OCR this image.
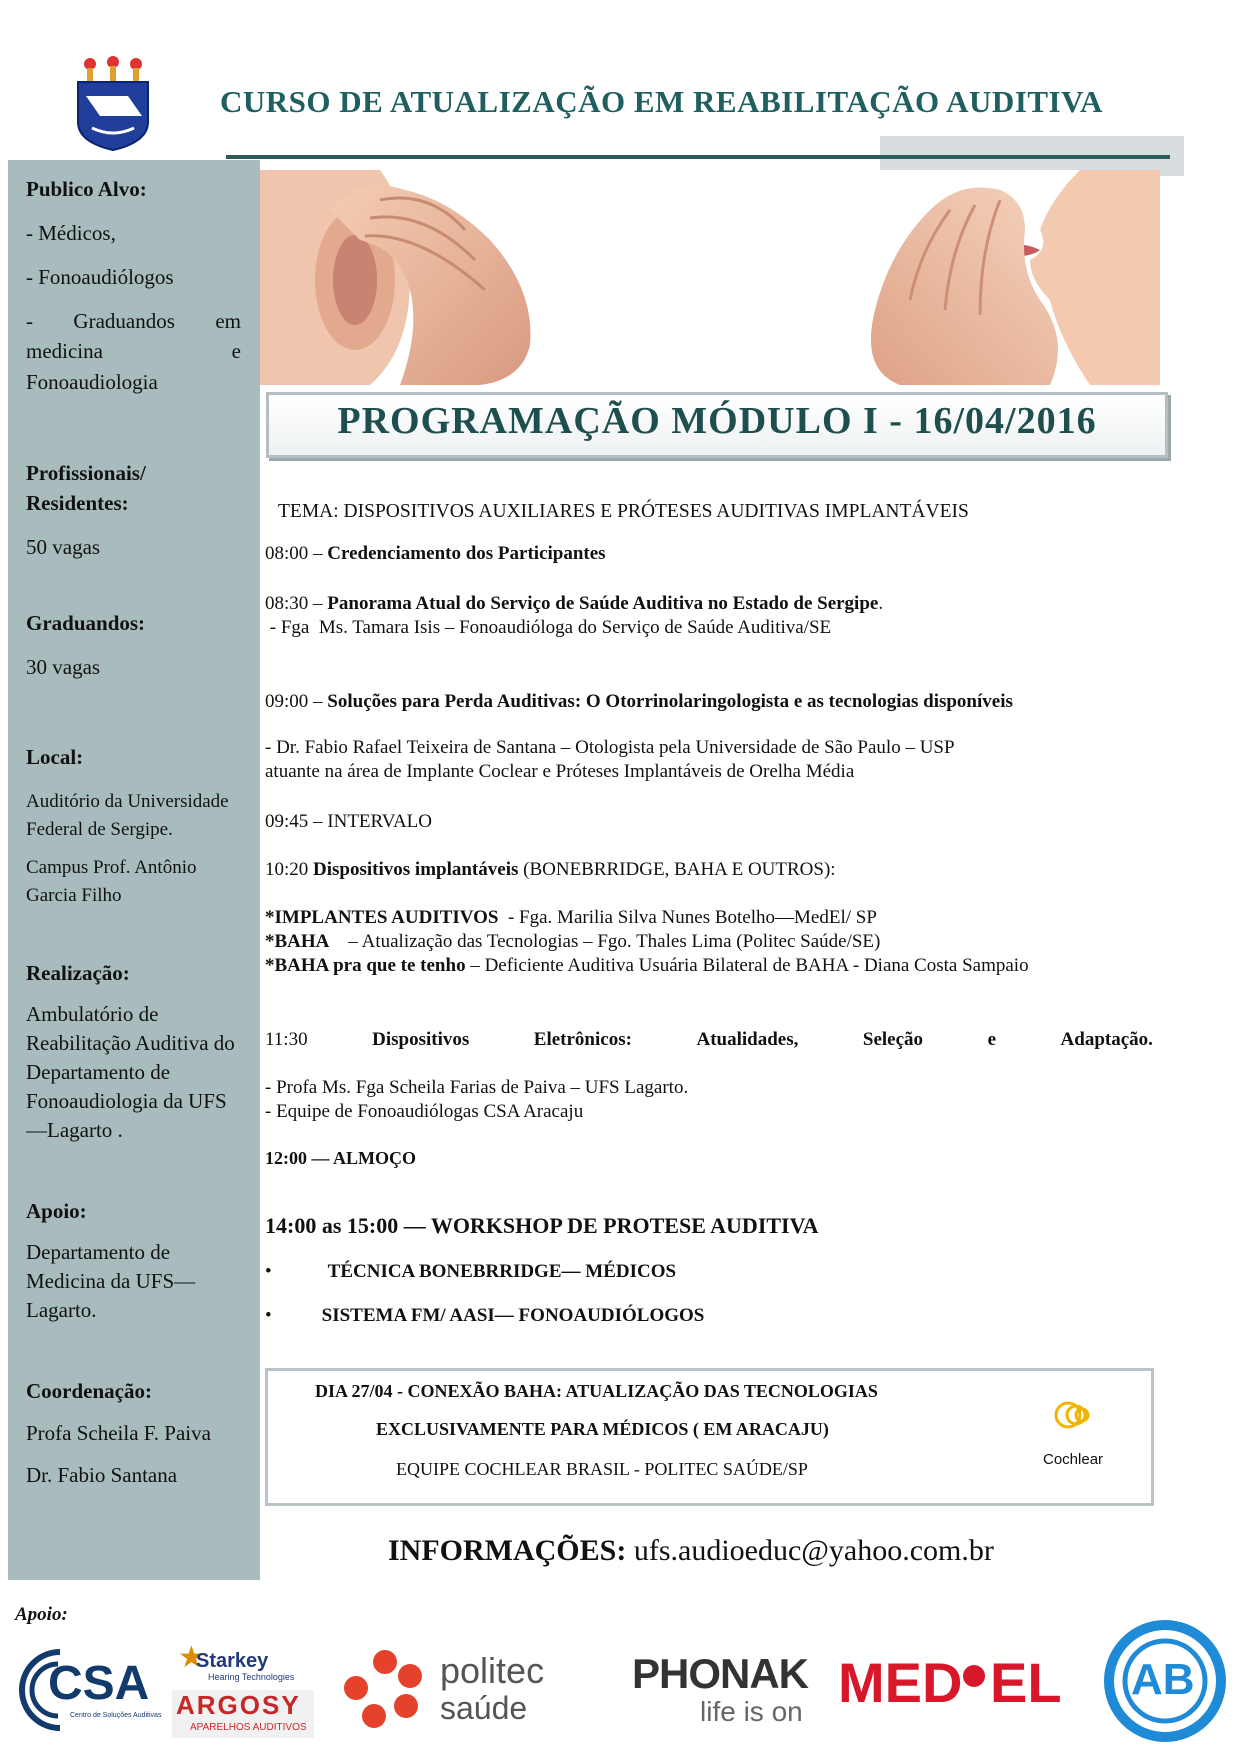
CURSO DE ATUALIZAÇÃO EM REABILITAÇÃO AUDITIVA
Publico Alvo:
- Médicos,
- Fonoaudiólogos
- Graduandos em medicina e Fonoaudiologia
Profissionais/
Residentes:
50 vagas
Graduandos:
30 vagas
Local:
Auditório da Universidade Federal de Sergipe.
Campus Prof. Antônio Garcia Filho
Realização:
Ambulatório de Reabilitação Auditiva do Departamento de Fonoaudiologia da UFS—Lagarto .
Apoio:
Departamento de Medicina da UFS—Lagarto.
Coordenação:
Profa Scheila F. Paiva
Dr. Fabio Santana
PROGRAMAÇÃO MÓDULO I - 16/04/2016
TEMA: DISPOSITIVOS AUXILIARES E PRÓTESES AUDITIVAS IMPLANTÁVEIS
08:00 – Credenciamento dos Participantes
08:30 – Panorama Atual do Serviço de Saúde Auditiva no Estado de Sergipe.
- Fga  Ms. Tamara Isis – Fonoaudióloga do Serviço de Saúde Auditiva/SE
09:00 – Soluções para Perda Auditivas: O Otorrinolaringologista e as tecnologias disponíveis
- Dr. Fabio Rafael Teixeira de Santana – Otologista pela Universidade de São Paulo – USP
atuante na área de Implante Coclear e Próteses Implantáveis de Orelha Média
09:45 – INTERVALO
10:20 Dispositivos implantáveis (BONEBRRIDGE, BAHA E OUTROS):
*IMPLANTES AUDITIVOS  - Fga. Marilia Silva Nunes Botelho—MedEl/ SP
*BAHA    – Atualização das Tecnologias – Fgo. Thales Lima (Politec Saúde/SE)
*BAHA pra que te tenho – Deficiente Auditiva Usuária Bilateral de BAHA - Diana Costa Sampaio
11:30	Dispositivos	Eletrônicos:	Atualidades,	Seleção	e	Adaptação.
- Profa Ms. Fga Scheila Farias de Paiva – UFS Lagarto.
- Equipe de Fonoaudiólogas CSA Aracaju
12:00 — ALMOÇO
14:00 as 15:00 — WORKSHOP DE PROTESE AUDITIVA
•	TÉCNICA BONEBRRIDGE— MÉDICOS
•	SISTEMA FM/ AASI— FONOAUDIÓLOGOS
DIA 27/04 - CONEXÃO BAHA: ATUALIZAÇÃO DAS TECNOLOGIAS
EXCLUSIVAMENTE PARA MÉDICOS ( EM ARACAJU)
EQUIPE COCHLEAR BRASIL - POLITEC SAÚDE/SP	Cochlear
INFORMAÇÕES: ufs.audioeduc@yahoo.com.br
Apoio:
CSA
Centro de Soluções Auditivas
★
Starkey
Hearing Technologies
ARGOSY
APARELHOS AUDITIVOS
politec
saúde
PHONAK
life is on MED EL AB
